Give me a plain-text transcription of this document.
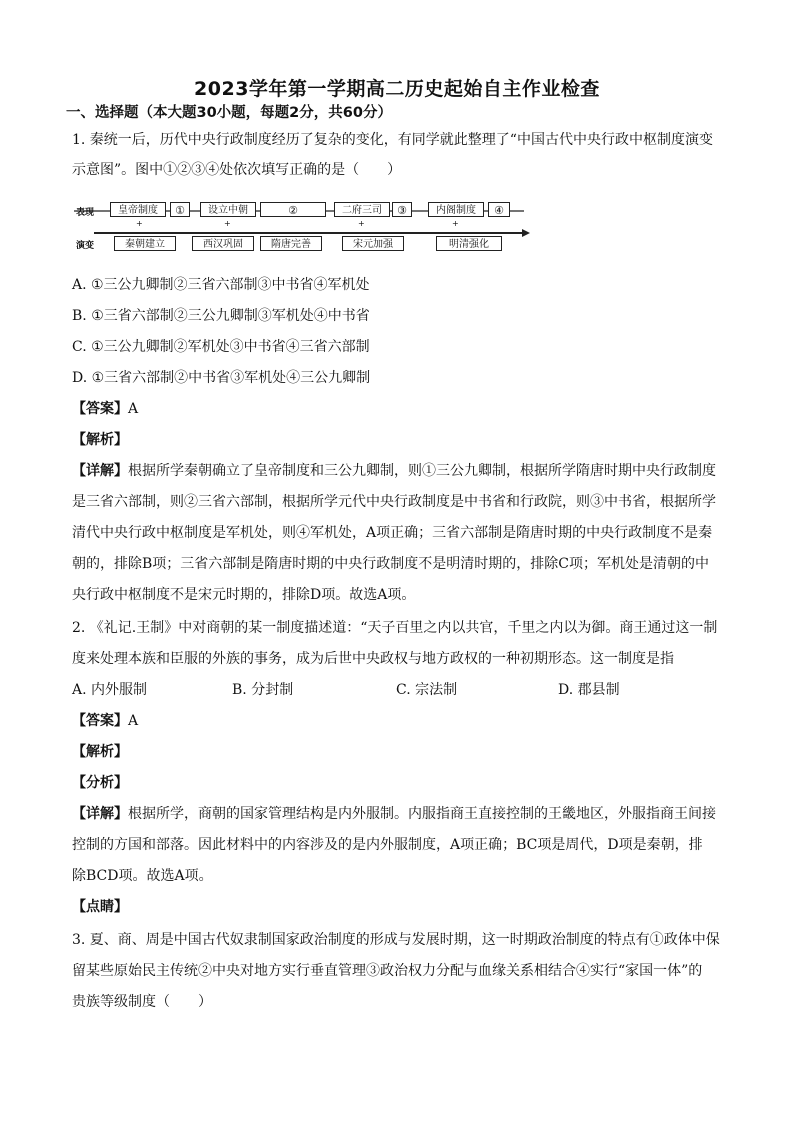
2023学年第一学期高二历史起始自主作业检查
一、选择题（本大题30小题，每题2分，共60分）
1. 秦统一后，历代中央行政制度经历了复杂的变化，有同学就此整理了“中国古代中央行政中枢制度演变
示意图”。图中①②③④处依次填写正确的是（　　）
表现
演变
皇帝制度	①	设立中朝	②	二府三司	③	内阁制度	④
+	+	+	+
秦朝建立	西汉巩固	隋唐完善	宋元加强	明清强化
A. ①三公九卿制②三省六部制③中书省④军机处
B. ①三省六部制②三公九卿制③军机处④中书省
C. ①三公九卿制②军机处③中书省④三省六部制
D. ①三省六部制②中书省③军机处④三公九卿制
【答案】A
【解析】
【详解】根据所学秦朝确立了皇帝制度和三公九卿制，则①三公九卿制，根据所学隋唐时期中央行政制度
是三省六部制，则②三省六部制，根据所学元代中央行政制度是中书省和行政院，则③中书省，根据所学
清代中央行政中枢制度是军机处，则④军机处，A项正确；三省六部制是隋唐时期的中央行政制度不是秦
朝的，排除B项；三省六部制是隋唐时期的中央行政制度不是明清时期的，排除C项；军机处是清朝的中
央行政中枢制度不是宋元时期的，排除D项。故选A项。
2. 《礼记.王制》中对商朝的某一制度描述道：“天子百里之内以共官，千里之内以为御。商王通过这一制
度来处理本族和臣服的外族的事务，成为后世中央政权与地方政权的一种初期形态。这一制度是指
A. 内外服制	B. 分封制	C. 宗法制	D. 郡县制
【答案】A
【解析】
【分析】
【详解】根据所学，商朝的国家管理结构是内外服制。内服指商王直接控制的王畿地区，外服指商王间接
控制的方国和部落。因此材料中的内容涉及的是内外服制度，A项正确；BC项是周代，D项是秦朝，排
除BCD项。故选A项。
【点睛】
3. 夏、商、周是中国古代奴隶制国家政治制度的形成与发展时期，这一时期政治制度的特点有①政体中保
留某些原始民主传统②中央对地方实行垂直管理③政治权力分配与血缘关系相结合④实行“家国一体”的
贵族等级制度（　　）
